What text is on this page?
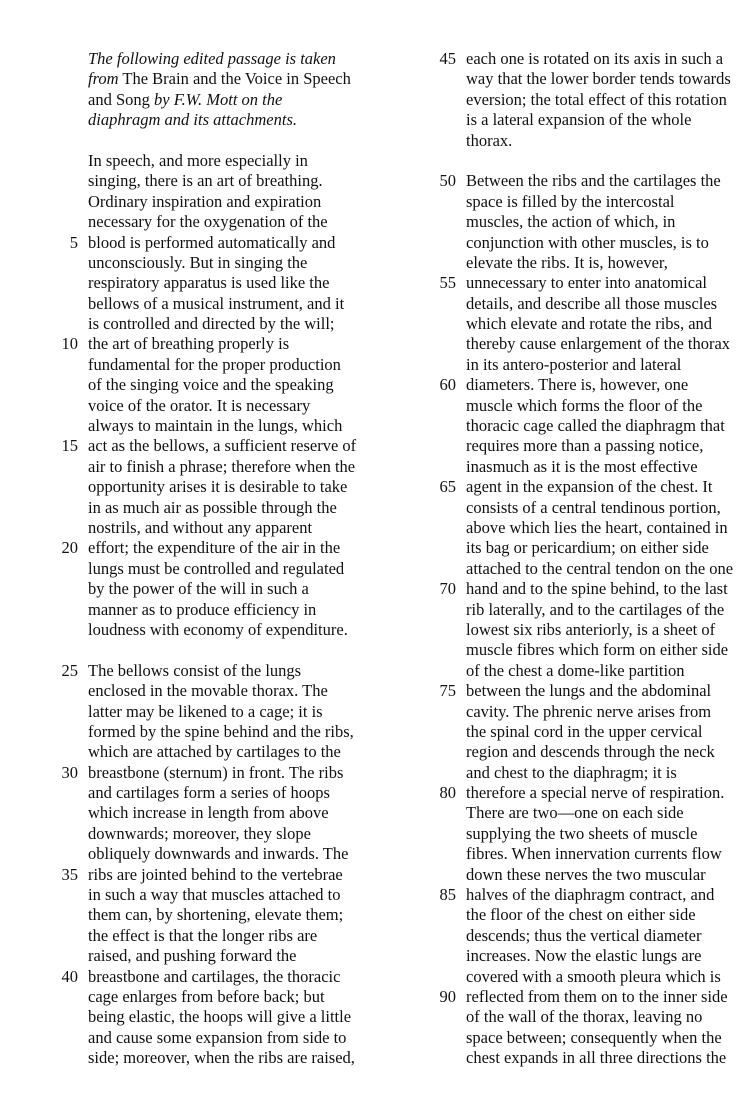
The following edited passage is taken
from The Brain and the Voice in Speech
and Song by F.W. Mott on the
diaphragm and its attachments.
In speech, and more especially in
singing, there is an art of breathing.
Ordinary inspiration and expiration
necessary for the oxygenation of the
5 blood is performed automatically and
unconsciously. But in singing the
respiratory apparatus is used like the
bellows of a musical instrument, and it
is controlled and directed by the will;
10 the art of breathing properly is
fundamental for the proper production
of the singing voice and the speaking
voice of the orator. It is necessary
always to maintain in the lungs, which
15 act as the bellows, a sufficient reserve of
air to finish a phrase; therefore when the
opportunity arises it is desirable to take
in as much air as possible through the
nostrils, and without any apparent
20 effort; the expenditure of the air in the
lungs must be controlled and regulated
by the power of the will in such a
manner as to produce efficiency in
loudness with economy of expenditure.
25 The bellows consist of the lungs
enclosed in the movable thorax. The
latter may be likened to a cage; it is
formed by the spine behind and the ribs,
which are attached by cartilages to the
30 breastbone (sternum) in front. The ribs
and cartilages form a series of hoops
which increase in length from above
downwards; moreover, they slope
obliquely downwards and inwards. The
35 ribs are jointed behind to the vertebrae
in such a way that muscles attached to
them can, by shortening, elevate them;
the effect is that the longer ribs are
raised, and pushing forward the
40 breastbone and cartilages, the thoracic
cage enlarges from before back; but
being elastic, the hoops will give a little
and cause some expansion from side to
side; moreover, when the ribs are raised,
45 each one is rotated on its axis in such a
way that the lower border tends towards
eversion; the total effect of this rotation
is a lateral expansion of the whole
thorax.
50 Between the ribs and the cartilages the
space is filled by the intercostal
muscles, the action of which, in
conjunction with other muscles, is to
elevate the ribs. It is, however,
55 unnecessary to enter into anatomical
details, and describe all those muscles
which elevate and rotate the ribs, and
thereby cause enlargement of the thorax
in its antero-posterior and lateral
60 diameters. There is, however, one
muscle which forms the floor of the
thoracic cage called the diaphragm that
requires more than a passing notice,
inasmuch as it is the most effective
65 agent in the expansion of the chest. It
consists of a central tendinous portion,
above which lies the heart, contained in
its bag or pericardium; on either side
attached to the central tendon on the one
70 hand and to the spine behind, to the last
rib laterally, and to the cartilages of the
lowest six ribs anteriorly, is a sheet of
muscle fibres which form on either side
of the chest a dome-like partition
75 between the lungs and the abdominal
cavity. The phrenic nerve arises from
the spinal cord in the upper cervical
region and descends through the neck
and chest to the diaphragm; it is
80 therefore a special nerve of respiration.
There are two—one on each side
supplying the two sheets of muscle
fibres. When innervation currents flow
down these nerves the two muscular
85 halves of the diaphragm contract, and
the floor of the chest on either side
descends; thus the vertical diameter
increases. Now the elastic lungs are
covered with a smooth pleura which is
90 reflected from them on to the inner side
of the wall of the thorax, leaving no
space between; consequently when the
chest expands in all three directions the
